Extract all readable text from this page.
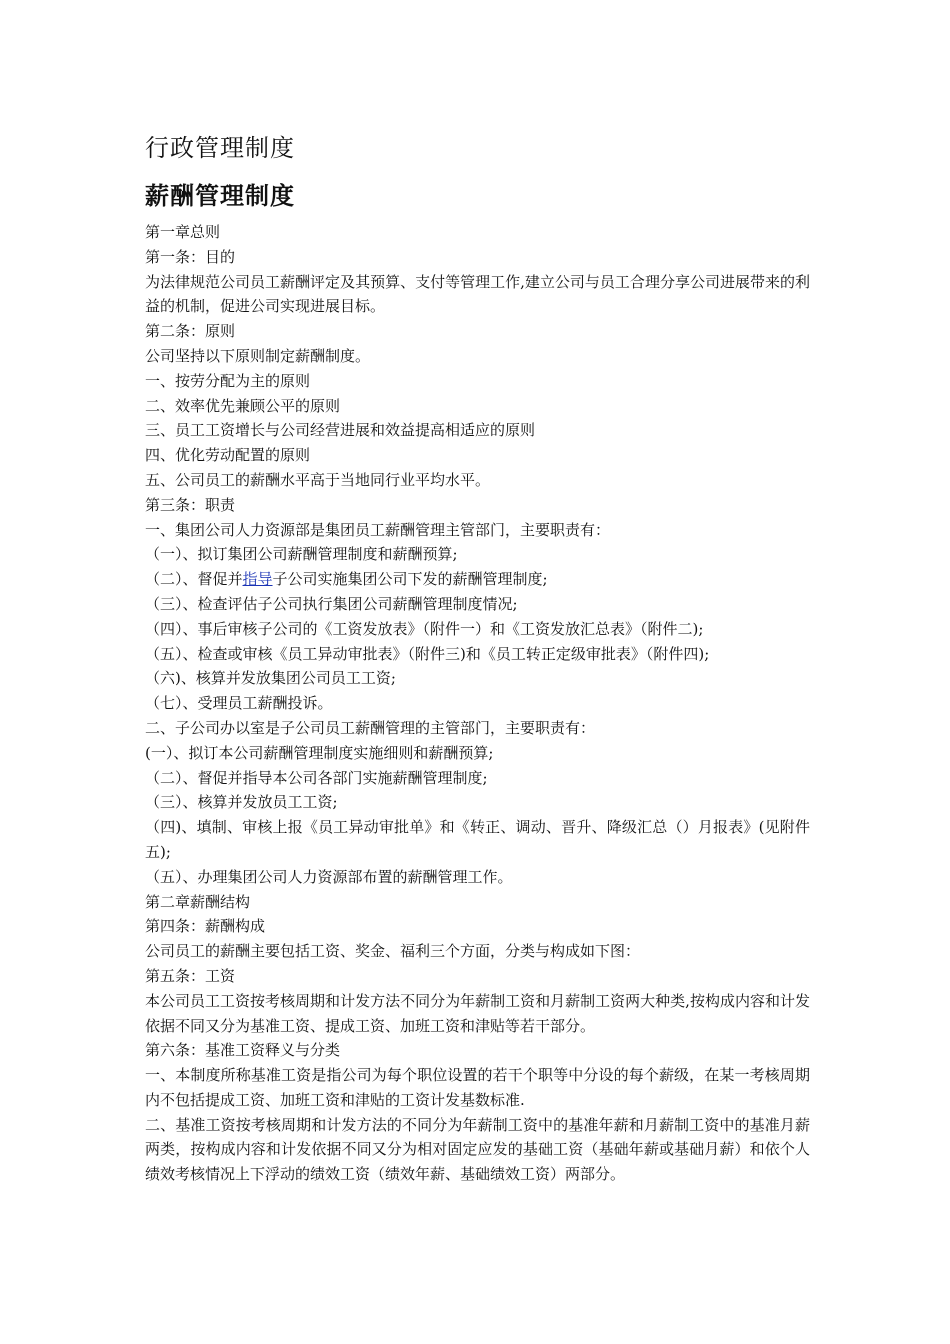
行政管理制度
薪酬管理制度

第一章总则

第一条：目的

为法律规范公司员工薪酬评定及其预算、支付等管理工作,建立公司与员工合理分享公司进展带来的利益的机制，促进公司实现进展目标。

第二条：原则

公司坚持以下原则制定薪酬制度。

一、按劳分配为主的原则

二、效率优先兼顾公平的原则

三、员工工资增长与公司经营进展和效益提高相适应的原则

四、优化劳动配置的原则

五、公司员工的薪酬水平高于当地同行业平均水平。

第三条：职责

一、集团公司人力资源部是集团员工薪酬管理主管部门，主要职责有：

（一）、拟订集团公司薪酬管理制度和薪酬预算;

（二）、督促并指导子公司实施集团公司下发的薪酬管理制度;

（三）、检查评估子公司执行集团公司薪酬管理制度情况;

（四）、事后审核子公司的《工资发放表》（附件一）和《工资发放汇总表》（附件二);

（五）、检查或审核《员工异动审批表》（附件三)和《员工转正定级审批表》（附件四);

（六)、核算并发放集团公司员工工资;

（七）、受理员工薪酬投诉。

二、子公司办以室是子公司员工薪酬管理的主管部门，主要职责有：

(一）、拟订本公司薪酬管理制度实施细则和薪酬预算;

（二）、督促并指导本公司各部门实施薪酬管理制度;

（三）、核算并发放员工工资;

（四)、填制、审核上报《员工异动审批单》和《转正、调动、晋升、降级汇总（）月报表》(见附件五);

（五）、办理集团公司人力资源部布置的薪酬管理工作。

第二章薪酬结构

第四条：薪酬构成

公司员工的薪酬主要包括工资、奖金、福利三个方面，分类与构成如下图：

第五条：工资

本公司员工工资按考核周期和计发方法不同分为年薪制工资和月薪制工资两大种类,按构成内容和计发依据不同又分为基准工资、提成工资、加班工资和津贴等若干部分。

第六条：基准工资释义与分类

一、本制度所称基准工资是指公司为每个职位设置的若干个职等中分设的每个薪级，在某一考核周期内不包括提成工资、加班工资和津贴的工资计发基数标准.

二、基准工资按考核周期和计发方法的不同分为年薪制工资中的基准年薪和月薪制工资中的基准月薪两类，按构成内容和计发依据不同又分为相对固定应发的基础工资（基础年薪或基础月薪）和依个人绩效考核情况上下浮动的绩效工资（绩效年薪、基础绩效工资）两部分。
